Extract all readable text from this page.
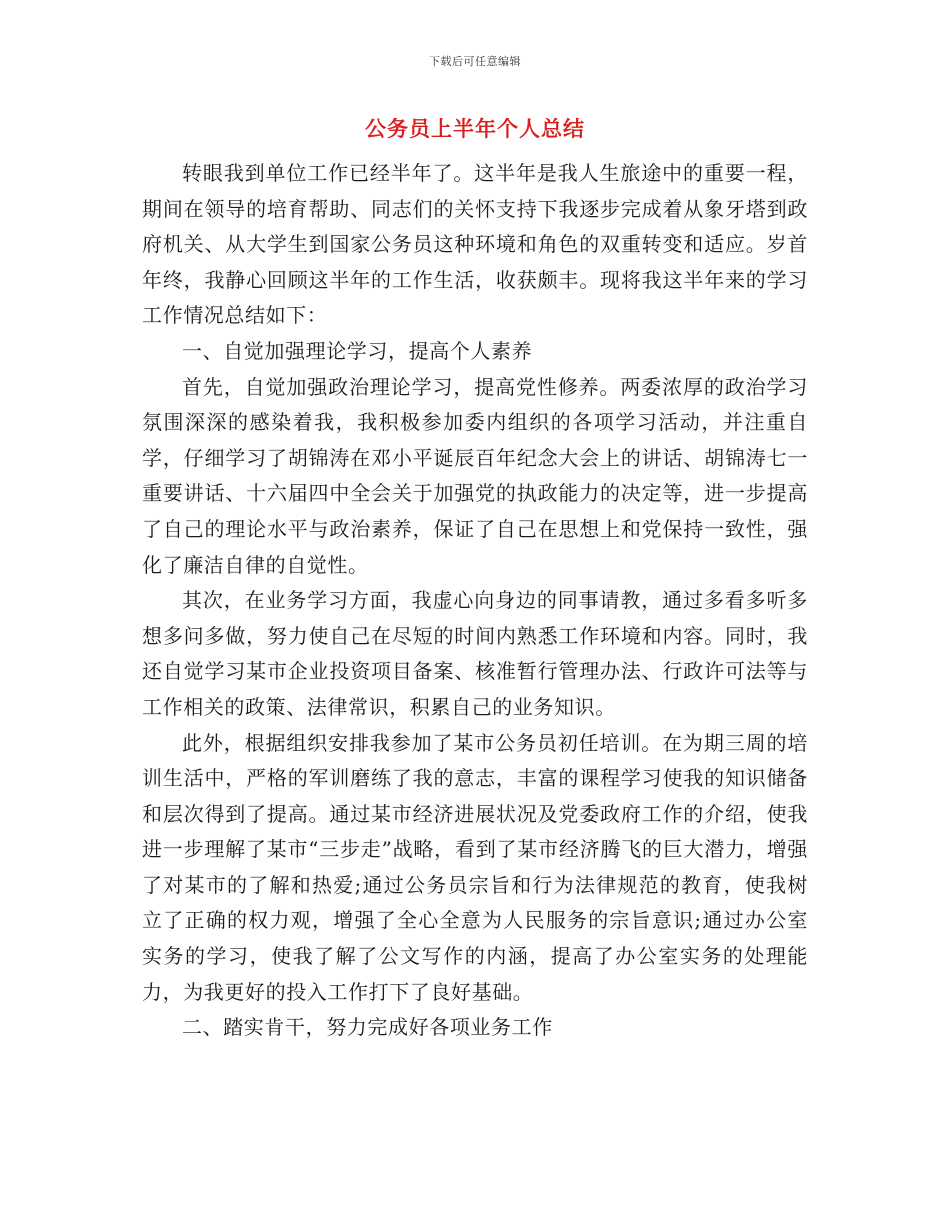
下载后可任意编辑
公务员上半年个人总结

转眼我到单位工作已经半年了。这半年是我人生旅途中的重要一程，期间在领导的培育帮助、同志们的关怀支持下我逐步完成着从象牙塔到政府机关、从大学生到国家公务员这种环境和角色的双重转变和适应。岁首年终，我静心回顾这半年的工作生活，收获颇丰。现将我这半年来的学习工作情况总结如下：

一、自觉加强理论学习，提高个人素养

首先，自觉加强政治理论学习，提高党性修养。两委浓厚的政治学习氛围深深的感染着我，我积极参加委内组织的各项学习活动，并注重自学，仔细学习了胡锦涛在邓小平诞辰百年纪念大会上的讲话、胡锦涛七一重要讲话、十六届四中全会关于加强党的执政能力的决定等，进一步提高了自己的理论水平与政治素养，保证了自己在思想上和党保持一致性，强化了廉洁自律的自觉性。

其次，在业务学习方面，我虚心向身边的同事请教，通过多看多听多想多问多做，努力使自己在尽短的时间内熟悉工作环境和内容。同时，我还自觉学习某市企业投资项目备案、核准暂行管理办法、行政许可法等与工作相关的政策、法律常识，积累自己的业务知识。

此外，根据组织安排我参加了某市公务员初任培训。在为期三周的培训生活中，严格的军训磨练了我的意志，丰富的课程学习使我的知识储备和层次得到了提高。通过某市经济进展状况及党委政府工作的介绍，使我进一步理解了某市“三步走”战略，看到了某市经济腾飞的巨大潜力，增强了对某市的了解和热爱;通过公务员宗旨和行为法律规范的教育，使我树立了正确的权力观，增强了全心全意为人民服务的宗旨意识;通过办公室实务的学习，使我了解了公文写作的内涵，提高了办公室实务的处理能力，为我更好的投入工作打下了良好基础。

二、踏实肯干，努力完成好各项业务工作
